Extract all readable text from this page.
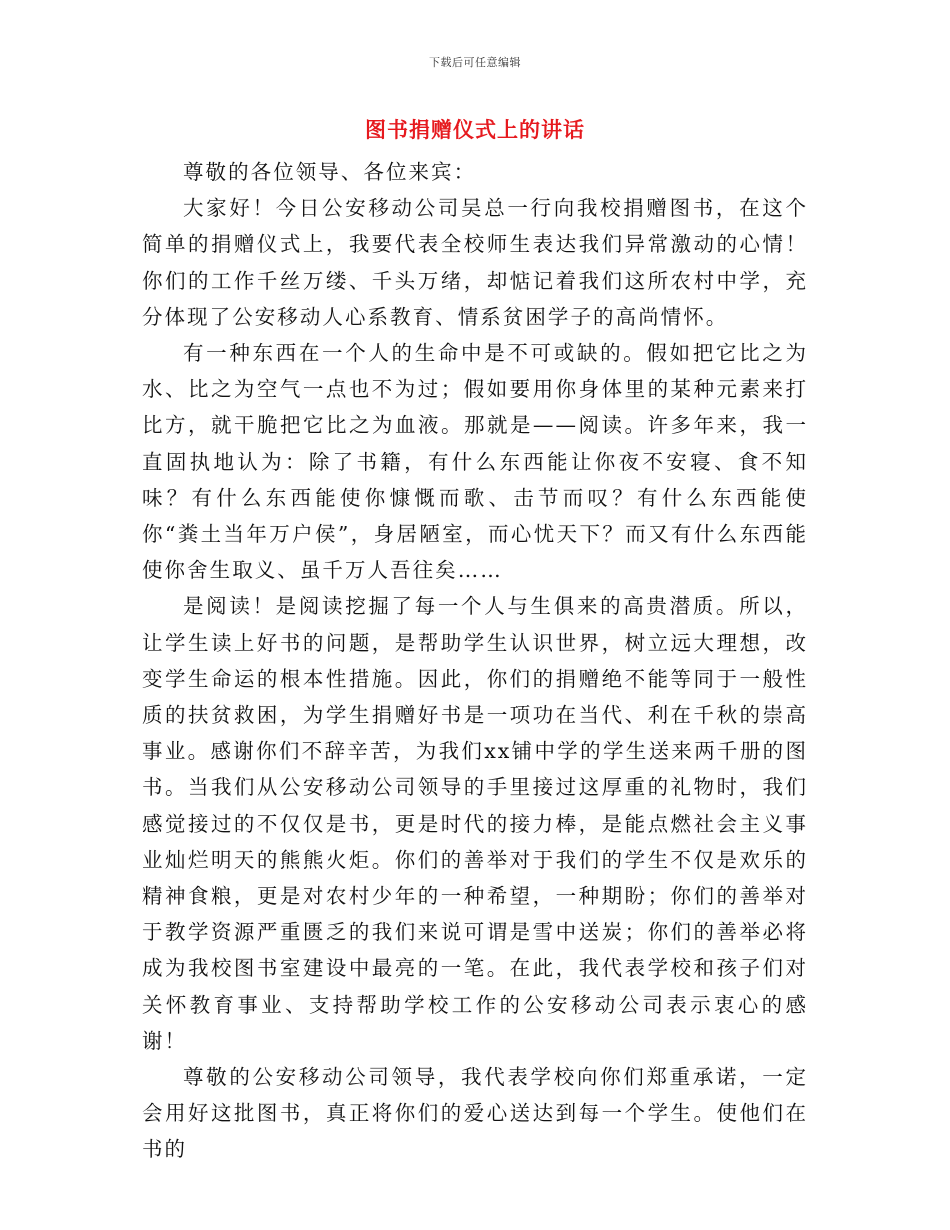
下载后可任意编辑
图书捐赠仪式上的讲话

尊敬的各位领导、各位来宾：

大家好！今日公安移动公司吴总一行向我校捐赠图书，在这个简单的捐赠仪式上，我要代表全校师生表达我们异常激动的心情！你们的工作千丝万缕、千头万绪，却惦记着我们这所农村中学，充分体现了公安移动人心系教育、情系贫困学子的高尚情怀。

有一种东西在一个人的生命中是不可或缺的。假如把它比之为水、比之为空气一点也不为过；假如要用你身体里的某种元素来打比方，就干脆把它比之为血液。那就是——阅读。许多年来，我一直固执地认为：除了书籍，有什么东西能让你夜不安寝、食不知味？有什么东西能使你慷慨而歌、击节而叹？有什么东西能使你“粪土当年万户侯”，身居陋室，而心忧天下？而又有什么东西能使你舍生取义、虽千万人吾往矣……

是阅读！是阅读挖掘了每一个人与生俱来的高贵潜质。所以，让学生读上好书的问题，是帮助学生认识世界，树立远大理想，改变学生命运的根本性措施。因此，你们的捐赠绝不能等同于一般性质的扶贫救困，为学生捐赠好书是一项功在当代、利在千秋的崇高事业。感谢你们不辞辛苦，为我们xx铺中学的学生送来两千册的图书。当我们从公安移动公司领导的手里接过这厚重的礼物时，我们感觉接过的不仅仅是书，更是时代的接力棒，是能点燃社会主义事业灿烂明天的熊熊火炬。你们的善举对于我们的学生不仅是欢乐的精神食粮，更是对农村少年的一种希望，一种期盼；你们的善举对于教学资源严重匮乏的我们来说可谓是雪中送炭；你们的善举必将成为我校图书室建设中最亮的一笔。在此，我代表学校和孩子们对关怀教育事业、支持帮助学校工作的公安移动公司表示衷心的感谢！

尊敬的公安移动公司领导，我代表学校向你们郑重承诺，一定会用好这批图书，真正将你们的爱心送达到每一个学生。使他们在书的
